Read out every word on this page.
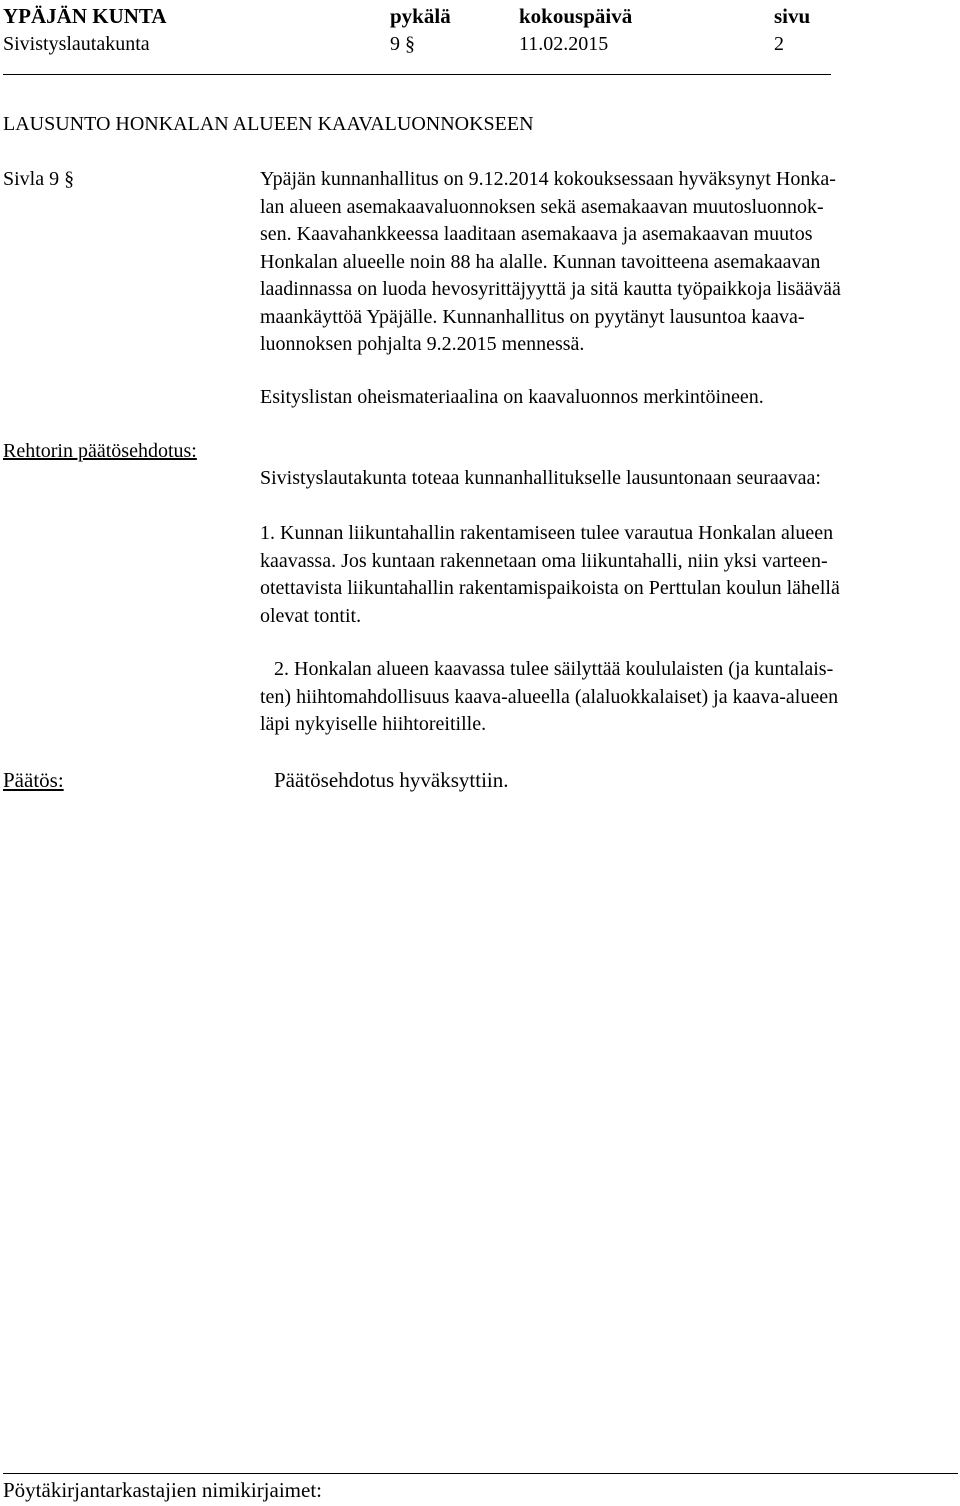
YPÄJÄN KUNTA	pykälä	kokouspäivä	sivu
Sivistyslautakunta	9 §	11.02.2015	2
LAUSUNTO HONKALAN ALUEEN KAAVALUONNOKSEEN
Sivla 9 §	Ypäjän kunnanhallitus on 9.12.2014 kokouksessaan hyväksynyt Honka-
lan alueen asemakaavaluonnoksen sekä asemakaavan muutosluonnok-
sen. Kaavahankkeessa laaditaan asemakaava ja asemakaavan muutos
Honkalan alueelle noin 88 ha alalle. Kunnan tavoitteena asemakaavan
laadinnassa on luoda hevosyrittäjyyttä ja sitä kautta työpaikkoja lisäävää
maankäyttöä Ypäjälle. Kunnanhallitus on pyytänyt lausuntoa kaava-
luonnoksen pohjalta 9.2.2015 mennessä.
Esityslistan oheismateriaalina on kaavaluonnos merkintöineen.
Rehtorin päätösehdotus:
Sivistyslautakunta toteaa kunnanhallitukselle lausuntonaan seuraavaa:
1. Kunnan liikuntahallin rakentamiseen tulee varautua Honkalan alueen
kaavassa. Jos kuntaan rakennetaan oma liikuntahalli, niin yksi varteen-
otettavista liikuntahallin rakentamispaikoista on Perttulan koulun lähellä
olevat tontit.
2. Honkalan alueen kaavassa tulee säilyttää koululaisten (ja kuntalais-
ten) hiihtomahdollisuus kaava-alueella (alaluokkalaiset) ja kaava-alueen
läpi nykyiselle hiihtoreitille.
Päätös:	Päätösehdotus hyväksyttiin.
Pöytäkirjantarkastajien nimikirjaimet:
